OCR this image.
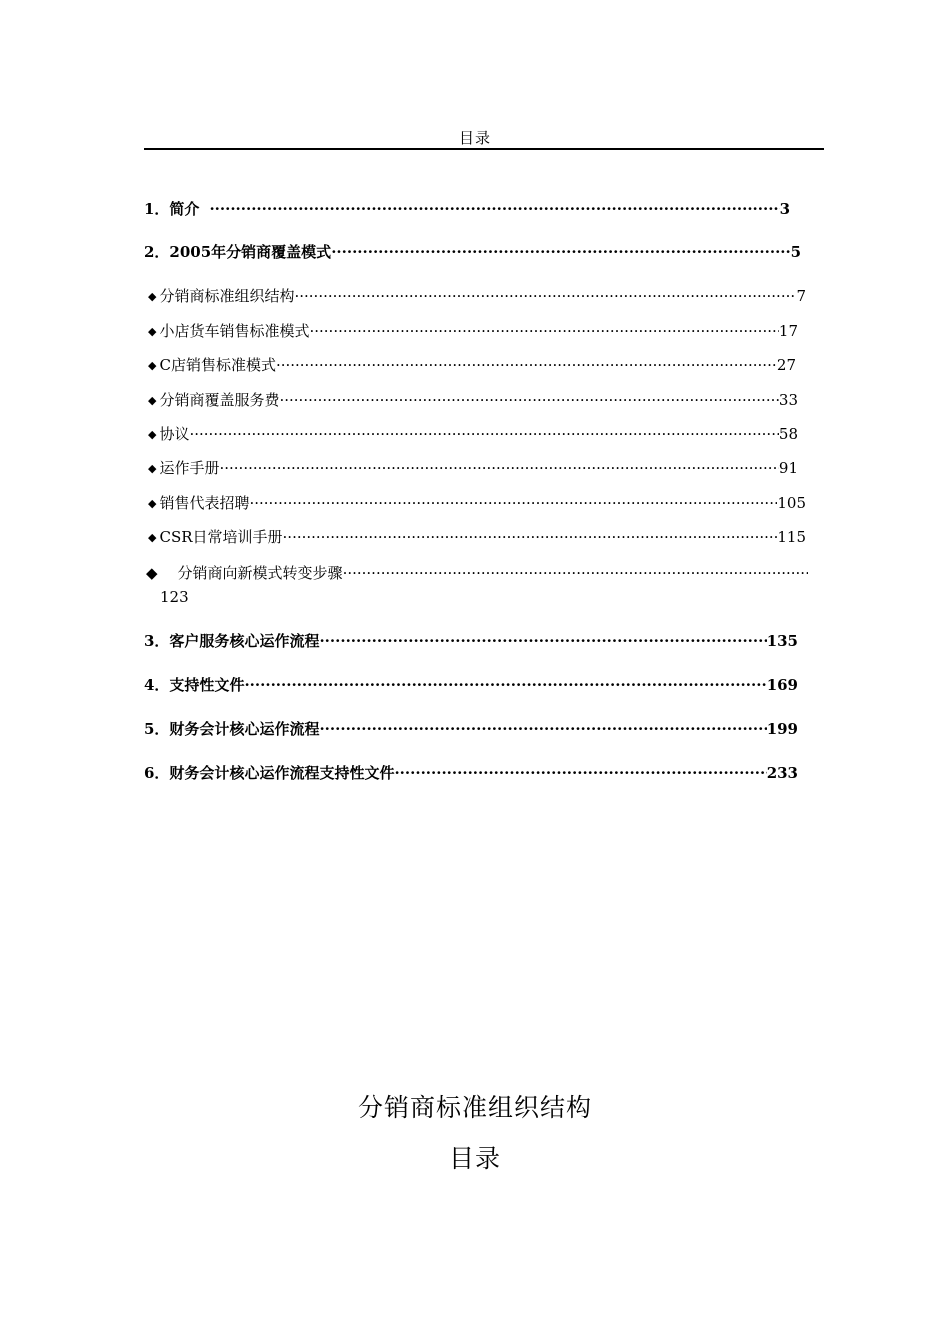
目录
1．简介 ·····	3
2．2005年分销商覆盖模式 ·····	5
◆ 分销商标准组织结构 ·····	7
◆ 小店货车销售标准模式 ·····	17
◆ C店销售标准模式 ·····	27
◆ 分销商覆盖服务费 ·····	33
◆ 协议 ·····	58
◆ 运作手册 ·····	91
◆ 销售代表招聘 ·····	105
◆ CSR日常培训手册 ·····	115
◆ 分销商向新模式转变步骤
·····
123
3．客户服务核心运作流程 ·····	135
4．支持性文件 ·····	169
5．财务会计核心运作流程 ·····	199
6．财务会计核心运作流程支持性文件 ·····	233
分销商标准组织结构
目录
